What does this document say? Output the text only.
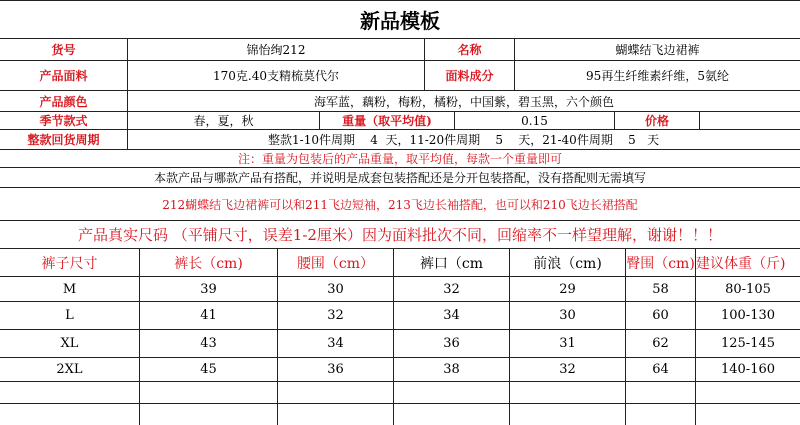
新品模板
货号	锦怡绚212	名称	蝴蝶结飞边裙裤
产品面料	170克.40支精梳莫代尔	面料成分	95再生纤维素纤维，5氨纶
产品颜色	海军蓝，藕粉，梅粉，橘粉，中国紫，碧玉黑，六个颜色
季节款式	春，夏，秋	重量（取平均值)	0.15	价格
整款回货周期	整款1-10件周期    4  天，11-20件周期    5    天，21-40件周期    5   天
注：重量为包装后的产品重量，取平均值，每款一个重量即可
本款产品与哪款产品有搭配，并说明是成套包装搭配还是分开包装搭配，没有搭配则无需填写
212蝴蝶结飞边裙裤可以和211飞边短袖，213飞边长袖搭配，也可以和210飞边长裙搭配
产品真实尺码 （平铺尺寸，误差1-2厘米）因为面料批次不同，回缩率不一样望理解，谢谢！！！
裤子尺寸	裤长（cm)	腰围（cm）	裤口（cm	前浪（cm)	臀围（cm) 建议体重（斤)
M	39	30	32	29	58	80-105
L	41	32	34	30	60	100-130
XL	43	34	36	31	62	125-145
2XL	45	36	38	32	64	140-160
